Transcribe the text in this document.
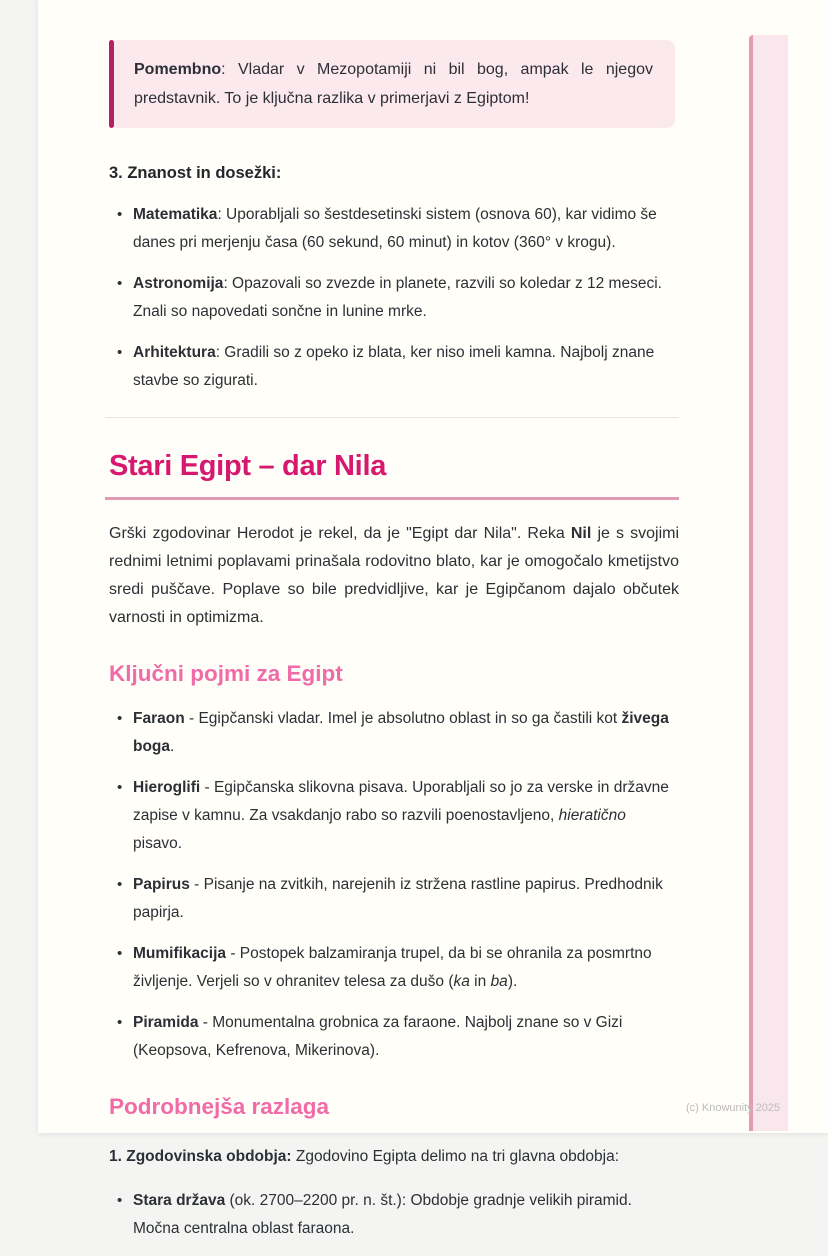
Pomembno: Vladar v Mezopotamiji ni bil bog, ampak le njegov predstavnik. To je ključna razlika v primerjavi z Egiptom!
3. Znanost in dosežki:
• Matematika: Uporabljali so šestdesetinski sistem (osnova 60), kar vidimo še danes pri merjenju časa (60 sekund, 60 minut) in kotov (360° v krogu).
• Astronomija: Opazovali so zvezde in planete, razvili so koledar z 12 meseci. Znali so napovedati sončne in lunine mrke.
• Arhitektura: Gradili so z opeko iz blata, ker niso imeli kamna. Najbolj znane stavbe so zigurati.
Stari Egipt – dar Nila

Grški zgodovinar Herodot je rekel, da je "Egipt dar Nila". Reka Nil je s svojimi rednimi letnimi poplavami prinašala rodovitno blato, kar je omogočalo kmetijstvo sredi puščave. Poplave so bile predvidljive, kar je Egipčanom dajalo občutek varnosti in optimizma.

Ključni pojmi za Egipt
• Faraon - Egipčanski vladar. Imel je absolutno oblast in so ga častili kot živega boga.
• Hieroglifi - Egipčanska slikovna pisava. Uporabljali so jo za verske in državne zapise v kamnu. Za vsakdanjo rabo so razvili poenostavljeno, hieratično pisavo.
• Papirus - Pisanje na zvitkih, narejenih iz stržena rastline papirus. Predhodnik papirja.
• Mumifikacija - Postopek balzamiranja trupel, da bi se ohranila za posmrtno življenje. Verjeli so v ohranitev telesa za dušo (ka in ba).
• Piramida - Monumentalna grobnica za faraone. Najbolj znane so v Gizi (Keopsova, Kefrenova, Mikerinova).
Podrobnejša razlaga

1. Zgodovinska obdobja: Zgodovino Egipta delimo na tri glavna obdobja:

• Stara država (ok. 2700–2200 pr. n. št.): Obdobje gradnje velikih piramid. Močna centralna oblast faraona.
(c) Knowunity 2025
